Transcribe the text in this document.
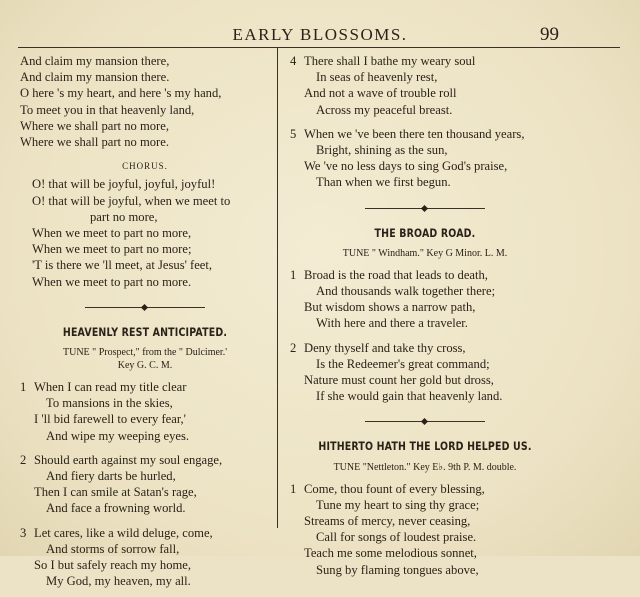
EARLY BLOSSOMS.	99
And claim my mansion there,
And claim my mansion there.
O here 's my heart, and here 's my hand,
To meet you in that heavenly land,
Where we shall part no more,
Where we shall part no more.
CHORUS.
O! that will be joyful, joyful, joyful!
O! that will be joyful, when we meet to
part no more,
When we meet to part no more,
When we meet to part no more;
'T is there we 'll meet, at Jesus' feet,
When we meet to part no more.
HEAVENLY REST ANTICIPATED.
TUNE " Prospect," from the " Dulcimer.'
Key G. C. M.
1 When I can read my title clear
To mansions in the skies,
I 'll bid farewell to every fear,'
And wipe my weeping eyes.
2 Should earth against my soul engage,
And fiery darts be hurled,
Then I can smile at Satan's rage,
And face a frowning world.
3 Let cares, like a wild deluge, come,
And storms of sorrow fall,
So I but safely reach my home,
My God, my heaven, my all.
4 There shall I bathe my weary soul
In seas of heavenly rest,
And not a wave of trouble roll
Across my peaceful breast.
5 When we 've been there ten thousand years,
Bright, shining as the sun,
We 've no less days to sing God's praise,
Than when we first begun.
THE BROAD ROAD.
TUNE " Windham." Key G Minor. L. M.
1 Broad is the road that leads to death,
And thousands walk together there;
But wisdom shows a narrow path,
With here and there a traveler.
2 Deny thyself and take thy cross,
Is the Redeemer's great command;
Nature must count her gold but dross,
If she would gain that heavenly land.
HITHERTO HATH THE LORD HELPED US.
TUNE "Nettleton." Key E♭. 9th P. M. double.
1 Come, thou fount of every blessing,
Tune my heart to sing thy grace;
Streams of mercy, never ceasing,
Call for songs of loudest praise.
Teach me some melodious sonnet,
Sung by flaming tongues above,
